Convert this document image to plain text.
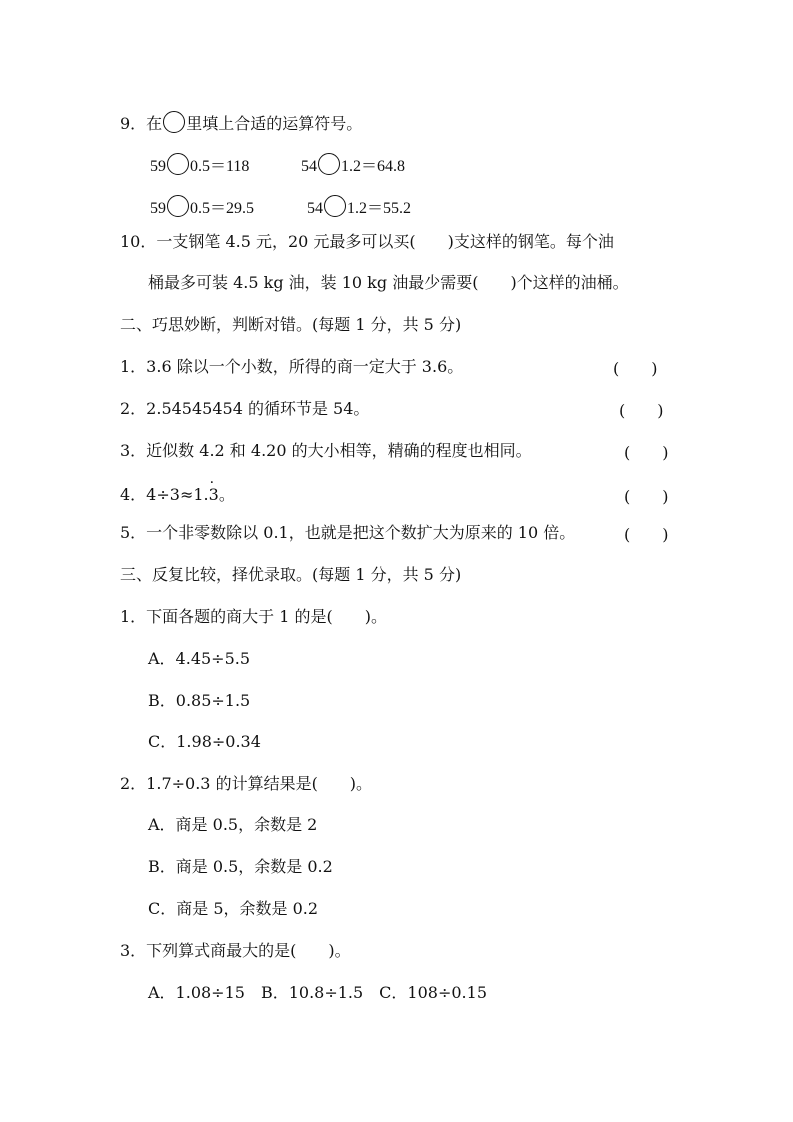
9．在 里填上合适的运算符号。
59 0.5＝118	54 1.2＝64.8
59 0.5＝29.5	54 1.2＝55.2
10．一支钢笔 4.5 元，20 元最多可以买(　　)支这样的钢笔。每个油
桶最多可装 4.5 kg 油，装 10 kg 油最少需要(　　)个这样的油桶。
二、巧思妙断，判断对错。(每题 1 分，共 5 分)
1．3.6 除以一个小数，所得的商一定大于 3.6。	(　　)
2．2.54545454 的循环节是 54。	(　　)
3．近似数 4.2 和 4.20 的大小相等，精确的程度也相同。	(　　)
4．4÷3≈1.· 3。	(　　)
5．一个非零数除以 0.1，也就是把这个数扩大为原来的 10 倍。	(　　)
三、反复比较，择优录取。(每题 1 分，共 5 分)
1．下面各题的商大于 1 的是(　　)。
A．4.45÷5.5
B．0.85÷1.5
C．1.98÷0.34
2．1.7÷0.3 的计算结果是(　　)。
A．商是 0.5，余数是 2
B．商是 0.5，余数是 0.2
C．商是 5，余数是 0.2
3．下列算式商最大的是(　　)。
A．1.08÷15　B．10.8÷1.5　C．108÷0.15
